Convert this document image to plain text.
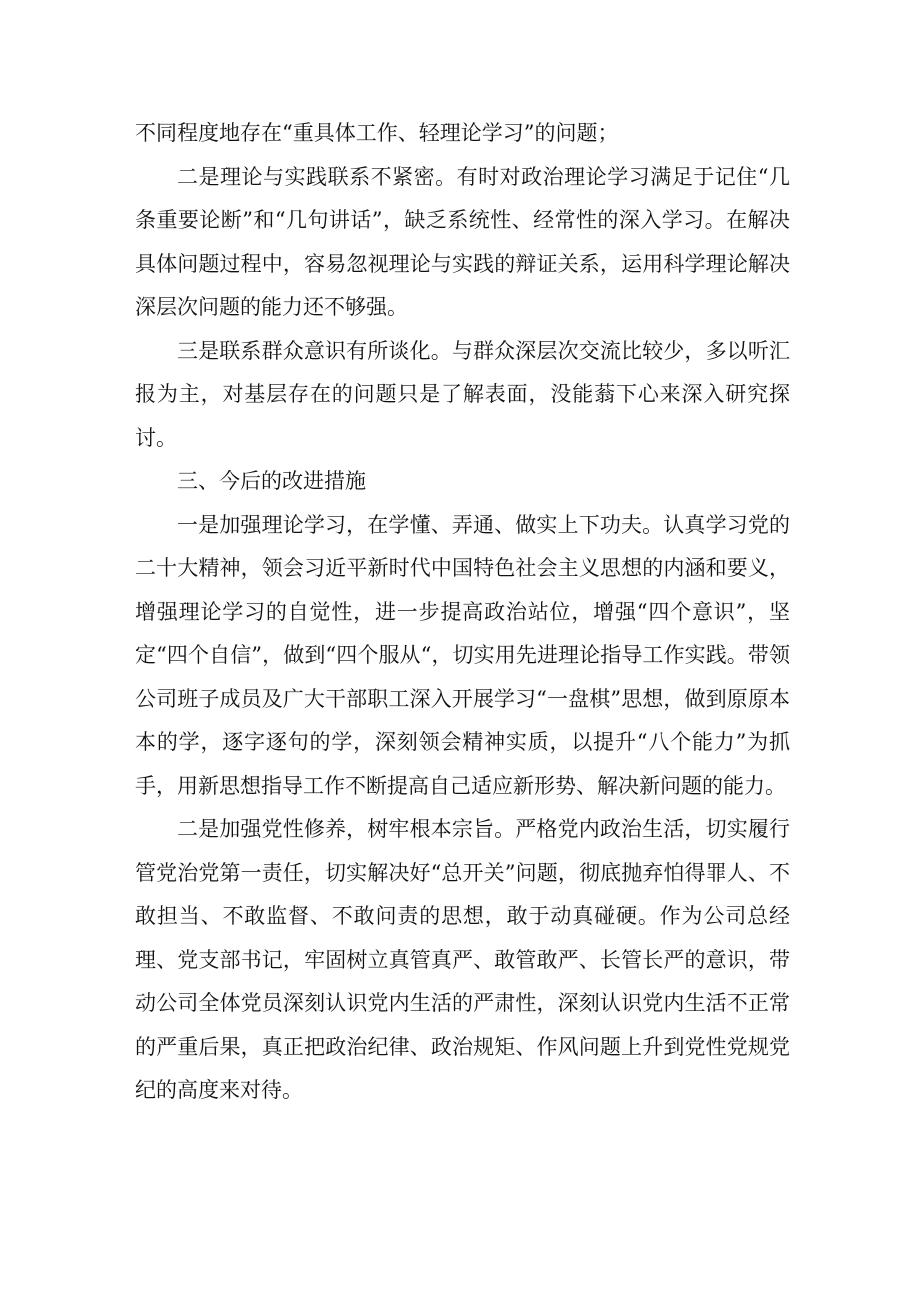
不同程度地存在“重具体工作、轻理论学习”的问题；

二是理论与实践联系不紧密。有时对政治理论学习满足于记住“几条重要论断”和“几句讲话”，缺乏系统性、经常性的深入学习。在解决具体问题过程中，容易忽视理论与实践的辩证关系，运用科学理论解决深层次问题的能力还不够强。

三是联系群众意识有所谈化。与群众深层次交流比较少，多以听汇报为主，对基层存在的问题只是了解表面，没能蓊下心来深入研究探讨。

三、今后的改进措施

一是加强理论学习，在学懂、弄通、做实上下功夫。认真学习党的二十大精神，领会习近平新时代中国特色社会主义思想的内涵和要义，增强理论学习的自觉性，进一步提高政治站位，增强“四个意识”，坚定“四个自信”，做到“四个服从“，切实用先进理论指导工作实践。带领公司班子成员及广大干部职工深入开展学习“一盘棋”思想，做到原原本本的学，逐字逐句的学，深刻领会精神实质，以提升“八个能力”为抓手，用新思想指导工作不断提高自己适应新形势、解决新问题的能力。

二是加强党性修养，树牢根本宗旨。严格党内政治生活，切实履行管党治党第一责任，切实解决好“总开关”问题，彻底抛弃怕得罪人、不敢担当、不敢监督、不敢问责的思想，敢于动真碰硬。作为公司总经理、党支部书记，牢固树立真管真严、敢管敢严、长管长严的意识，带动公司全体党员深刻认识党内生活的严肃性，深刻认识党内生活不正常的严重后果，真正把政治纪律、政治规矩、作风问题上升到党性党规党纪的高度来对待。
